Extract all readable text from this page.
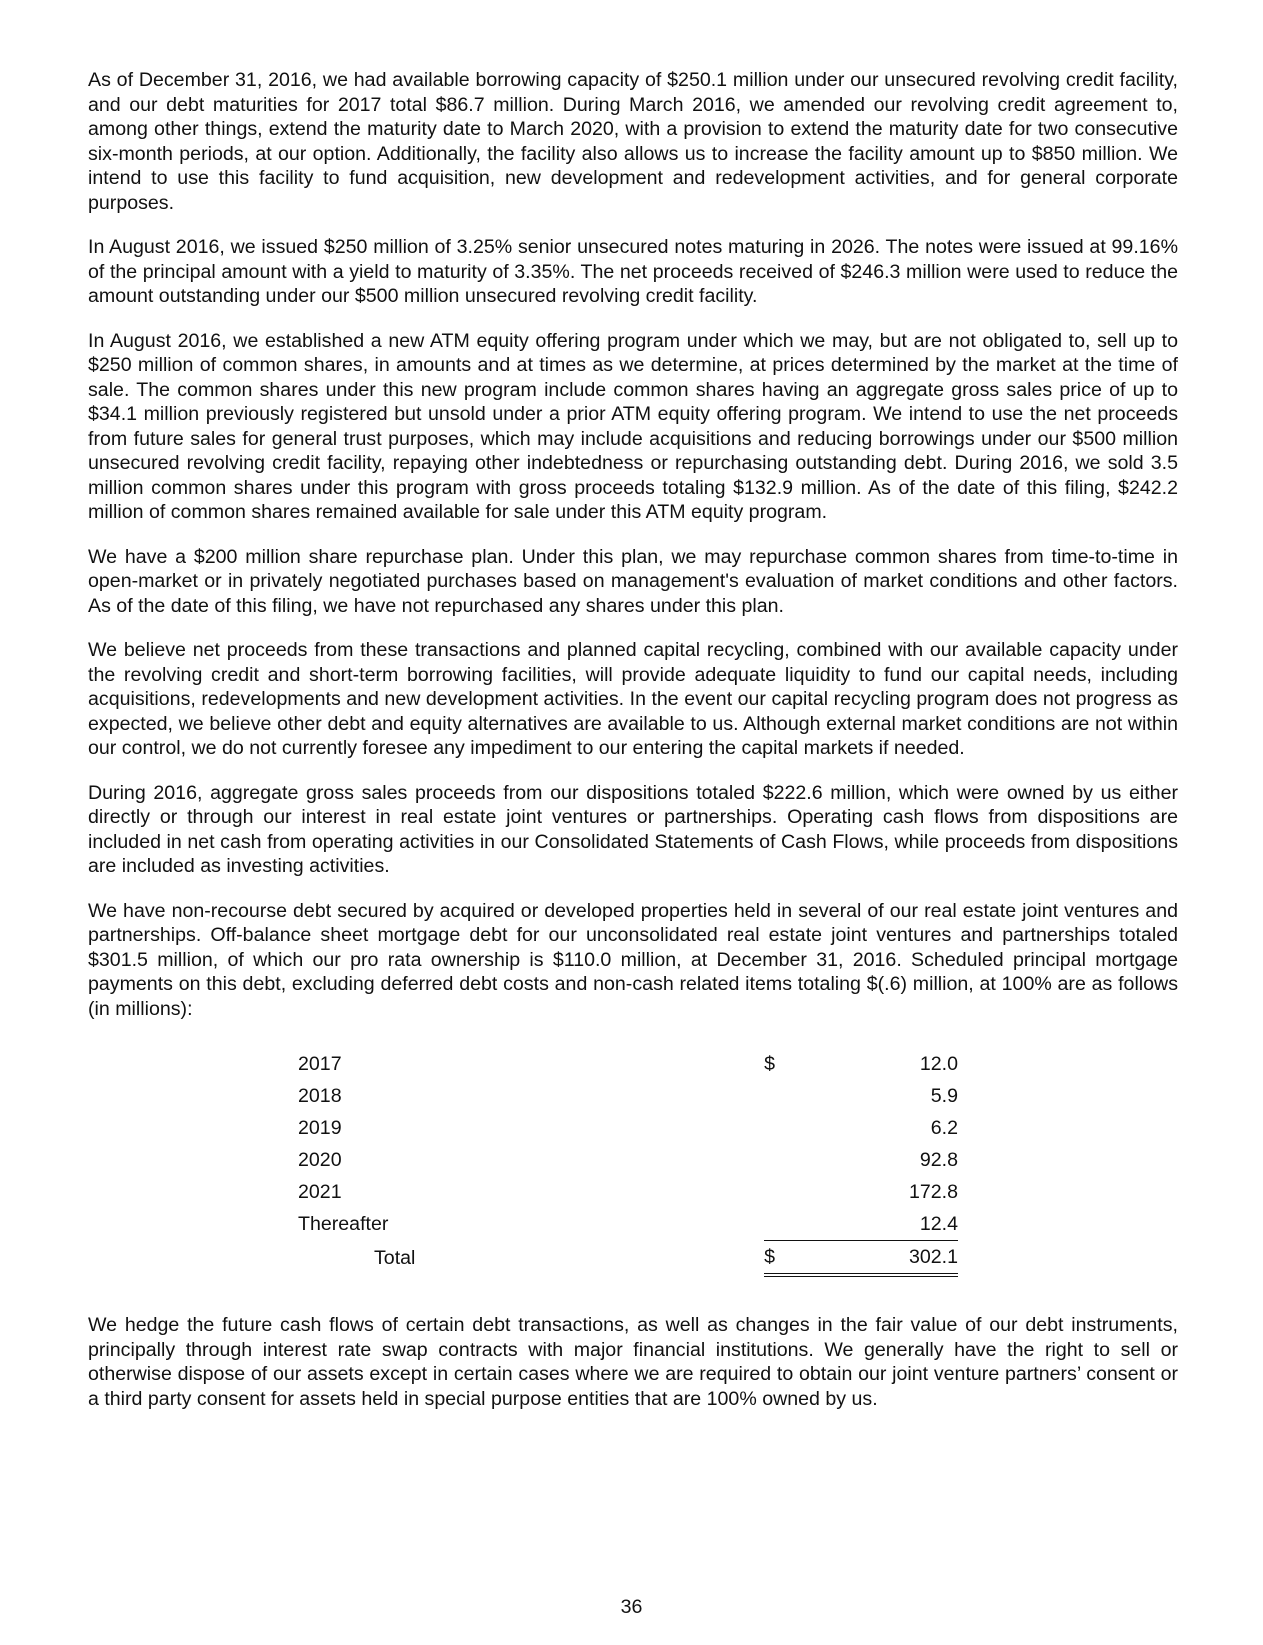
As of December 31, 2016, we had available borrowing capacity of $250.1 million under our unsecured revolving credit facility, and our debt maturities for 2017 total $86.7 million. During March 2016, we amended our revolving credit agreement to, among other things, extend the maturity date to March 2020, with a provision to extend the maturity date for two consecutive six-month periods, at our option. Additionally, the facility also allows us to increase the facility amount up to $850 million. We intend to use this facility to fund acquisition, new development and redevelopment activities, and for general corporate purposes.

In August 2016, we issued $250 million of 3.25% senior unsecured notes maturing in 2026. The notes were issued at 99.16% of the principal amount with a yield to maturity of 3.35%. The net proceeds received of $246.3 million were used to reduce the amount outstanding under our $500 million unsecured revolving credit facility.

In August 2016, we established a new ATM equity offering program under which we may, but are not obligated to, sell up to $250 million of common shares, in amounts and at times as we determine, at prices determined by the market at the time of sale. The common shares under this new program include common shares having an aggregate gross sales price of up to $34.1 million previously registered but unsold under a prior ATM equity offering program. We intend to use the net proceeds from future sales for general trust purposes, which may include acquisitions and reducing borrowings under our $500 million unsecured revolving credit facility, repaying other indebtedness or repurchasing outstanding debt. During 2016, we sold 3.5 million common shares under this program with gross proceeds totaling $132.9 million. As of the date of this filing, $242.2 million of common shares remained available for sale under this ATM equity program.

We have a $200 million share repurchase plan. Under this plan, we may repurchase common shares from time-to-time in open-market or in privately negotiated purchases based on management's evaluation of market conditions and other factors. As of the date of this filing, we have not repurchased any shares under this plan.

We believe net proceeds from these transactions and planned capital recycling, combined with our available capacity under the revolving credit and short-term borrowing facilities, will provide adequate liquidity to fund our capital needs, including acquisitions, redevelopments and new development activities. In the event our capital recycling program does not progress as expected, we believe other debt and equity alternatives are available to us. Although external market conditions are not within our control, we do not currently foresee any impediment to our entering the capital markets if needed.

During 2016, aggregate gross sales proceeds from our dispositions totaled $222.6 million, which were owned by us either directly or through our interest in real estate joint ventures or partnerships. Operating cash flows from dispositions are included in net cash from operating activities in our Consolidated Statements of Cash Flows, while proceeds from dispositions are included as investing activities.

We have non-recourse debt secured by acquired or developed properties held in several of our real estate joint ventures and partnerships. Off-balance sheet mortgage debt for our unconsolidated real estate joint ventures and partnerships totaled $301.5 million, of which our pro rata ownership is $110.0 million, at December 31, 2016. Scheduled principal mortgage payments on this debt, excluding deferred debt costs and non-cash related items totaling $(.6) million, at 100% are as follows (in millions):

2017	$	12.0
2018		5.9
2019		6.2
2020		92.8
2021		172.8
Thereafter		12.4
Total	$	302.1

We hedge the future cash flows of certain debt transactions, as well as changes in the fair value of our debt instruments, principally through interest rate swap contracts with major financial institutions. We generally have the right to sell or otherwise dispose of our assets except in certain cases where we are required to obtain our joint venture partners’ consent or a third party consent for assets held in special purpose entities that are 100% owned by us.

36
